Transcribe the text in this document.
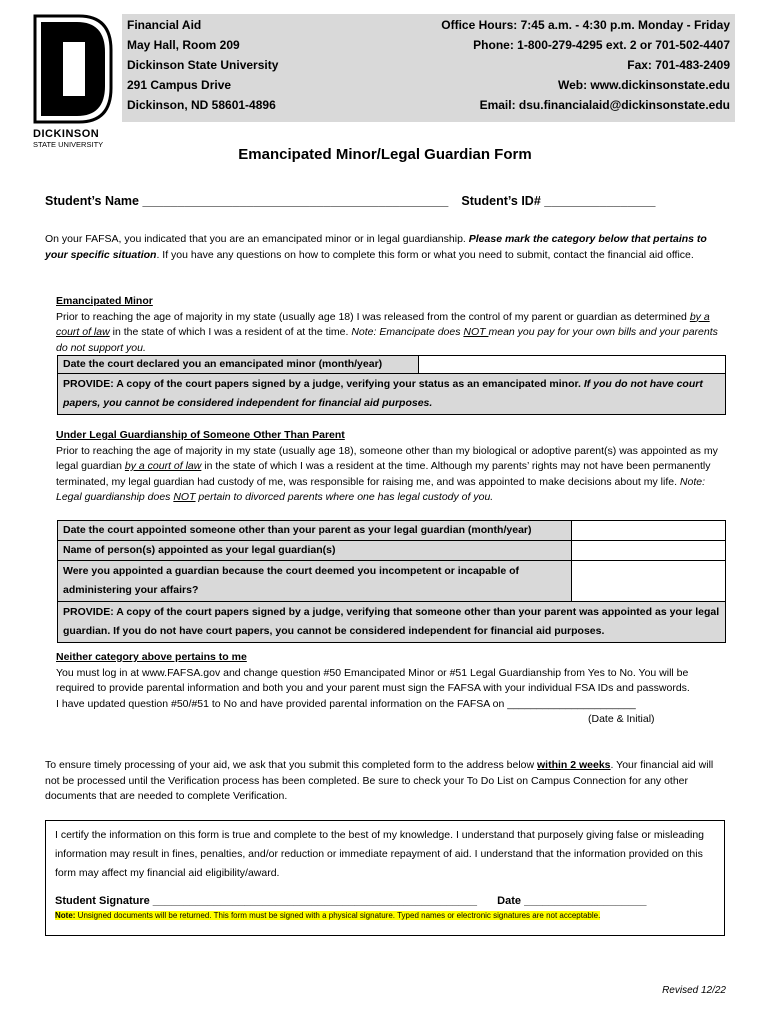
DICKINSON
STATE UNIVERSITY
Financial Aid
May Hall, Room 209
Dickinson State University
291 Campus Drive
Dickinson, ND 58601-4896
Office Hours: 7:45 a.m. - 4:30 p.m. Monday - Friday
Phone: 1-800-279-4295 ext. 2 or 701-502-4407
Fax: 701-483-2409
Web: www.dickinsonstate.edu
Email: dsu.financialaid@dickinsonstate.edu
Emancipated Minor/Legal Guardian Form
Student’s Name ____________________________________________ Student’s ID# ________________
On your FAFSA, you indicated that you are an emancipated minor or in legal guardianship. Please mark the category below that pertains to your specific situation. If you have any questions on how to complete this form or what you need to submit, contact the financial aid office.
Emancipated Minor
Prior to reaching the age of majority in my state (usually age 18) I was released from the control of my parent or guardian as determined by a court of law in the state of which I was a resident of at the time. Note: Emancipate does NOT mean you pay for your own bills and your parents do not support you.
Date the court declared you an emancipated minor (month/year)	
PROVIDE: A copy of the court papers signed by a judge, verifying your status as an emancipated minor. If you do not have court papers, you cannot be considered independent for financial aid purposes.
Under Legal Guardianship of Someone Other Than Parent
Prior to reaching the age of majority in my state (usually age 18), someone other than my biological or adoptive parent(s) was appointed as my legal guardian by a court of law in the state of which I was a resident at the time. Although my parents’ rights may not have been permanently terminated, my legal guardian had custody of me, was responsible for raising me, and was appointed to make decisions about my life. Note: Legal guardianship does NOT pertain to divorced parents where one has legal custody of you.
Date the court appointed someone other than your parent as your legal guardian (month/year)	
Name of person(s) appointed as your legal guardian(s)	
Were you appointed a guardian because the court deemed you incompetent or incapable of administering your affairs?	
PROVIDE: A copy of the court papers signed by a judge, verifying that someone other than your parent was appointed as your legal guardian. If you do not have court papers, you cannot be considered independent for financial aid purposes.	
Neither category above pertains to me
You must log in at www.FAFSA.gov and change question #50 Emancipated Minor or #51 Legal Guardianship from Yes to No. You will be required to provide parental information and both you and your parent must sign the FAFSA with your individual FSA IDs and passwords.
I have updated question #50/#51 to No and have provided parental information on the FAFSA on ______________________
(Date & Initial)
To ensure timely processing of your aid, we ask that you submit this completed form to the address below within 2 weeks. Your financial aid will not be processed until the Verification process has been completed. Be sure to check your To Do List on Campus Connection for any other documents that are needed to complete Verification.
I certify the information on this form is true and complete to the best of my knowledge. I understand that purposely giving false or misleading information may result in fines, penalties, and/or reduction or immediate repayment of aid. I understand that the information provided on this form may affect my financial aid eligibility/award.
Student Signature _____________________________________________________ Date ____________________
Note: Unsigned documents will be returned. This form must be signed with a physical signature. Typed names or electronic signatures are not acceptable.
Revised 12/22
